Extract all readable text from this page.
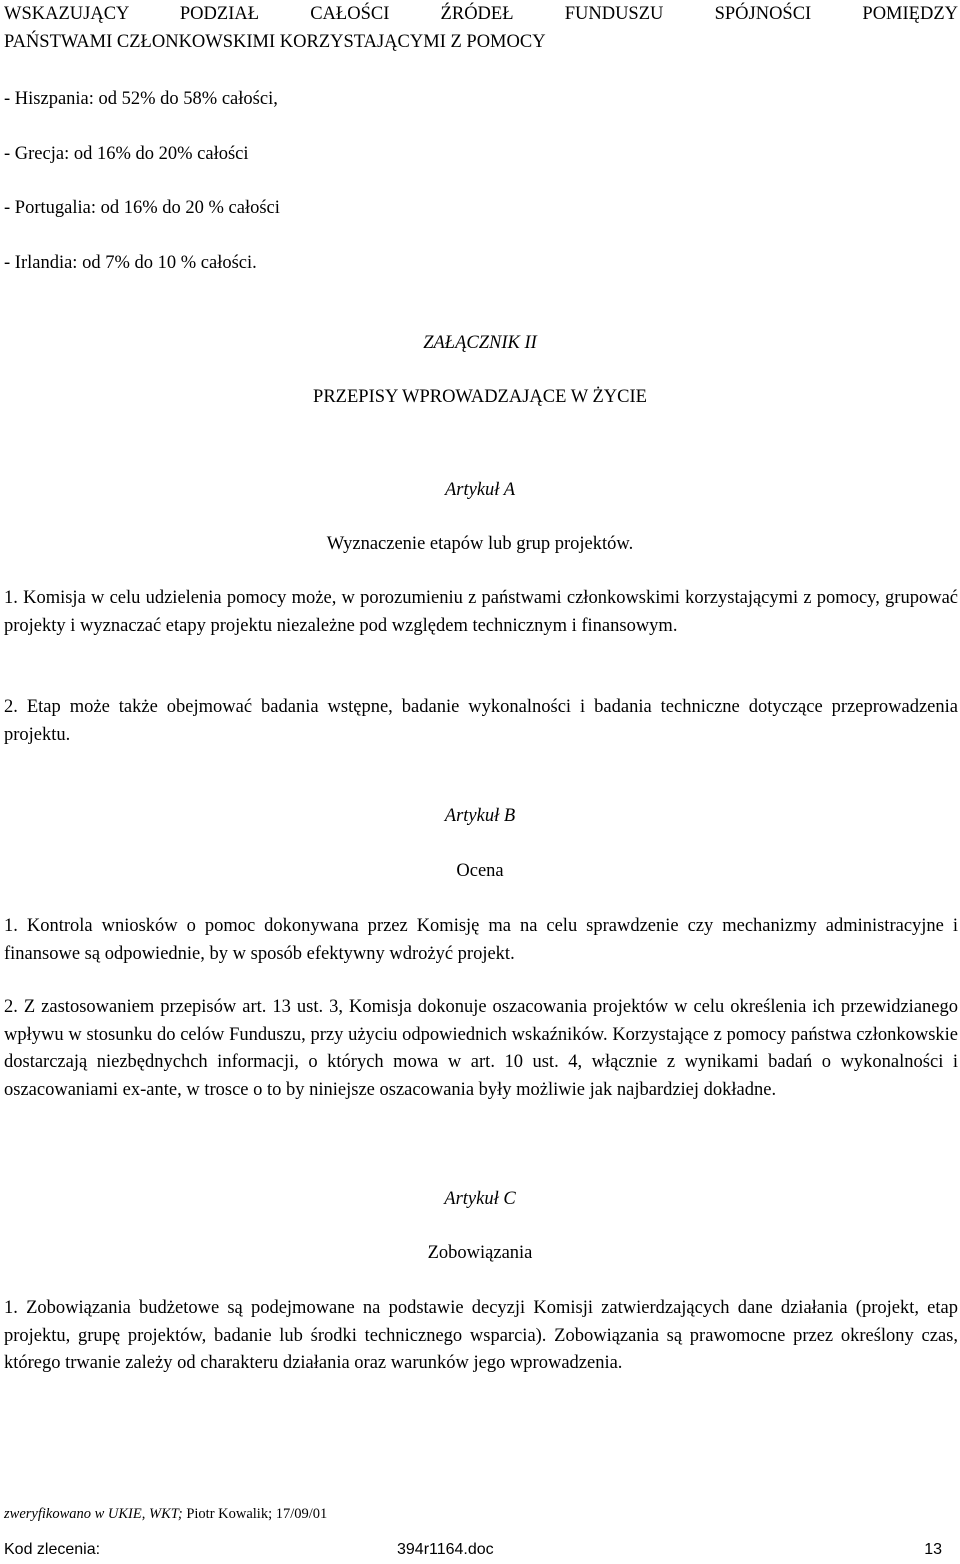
WSKAZUJĄCY PODZIAŁ CAŁOŚCI ŹRÓDEŁ FUNDUSZU SPÓJNOŚCI POMIĘDZY
PAŃSTWAMI CZŁONKOWSKIMI KORZYSTAJĄCYMI Z POMOCY
- Hiszpania: od 52% do 58% całości,
- Grecja: od 16% do 20% całości
- Portugalia: od 16% do 20 % całości
- Irlandia: od 7% do 10 % całości.
ZAŁĄCZNIK II
PRZEPISY WPROWADZAJĄCE W ŻYCIE
Artykuł A
Wyznaczenie etapów lub grup projektów.

1. Komisja w celu udzielenia pomocy może, w porozumieniu z państwami członkowskimi korzystającymi z pomocy, grupować projekty i wyznaczać etapy projektu niezależne pod względem technicznym i finansowym.

2. Etap może także obejmować badania wstępne, badanie wykonalności i badania techniczne dotyczące przeprowadzenia projektu.

Artykuł B
Ocena

1. Kontrola wniosków o pomoc dokonywana przez Komisję ma na celu sprawdzenie czy mechanizmy administracyjne i finansowe są odpowiednie, by w sposób efektywny wdrożyć projekt.

2. Z zastosowaniem przepisów art. 13 ust. 3, Komisja dokonuje oszacowania projektów w celu określenia ich przewidzianego wpływu w stosunku do celów Funduszu, przy użyciu odpowiednich wskaźników. Korzystające z pomocy państwa członkowskie dostarczają niezbędnychch informacji, o których mowa w art. 10 ust. 4, włącznie z wynikami badań o wykonalności i oszacowaniami ex-ante, w trosce o to by niniejsze oszacowania były możliwie jak najbardziej dokładne.

Artykuł C
Zobowiązania

1. Zobowiązania budżetowe są podejmowane na podstawie decyzji Komisji zatwierdzających dane działania (projekt, etap projektu, grupę projektów, badanie lub środki technicznego wsparcia). Zobowiązania są prawomocne przez określony czas, którego trwanie zależy od charakteru działania oraz warunków jego wprowadzenia.

zweryfikowano w UKIE, WKT; Piotr Kowalik; 17/09/01
Kod zlecenia:	394r1164.doc	13
